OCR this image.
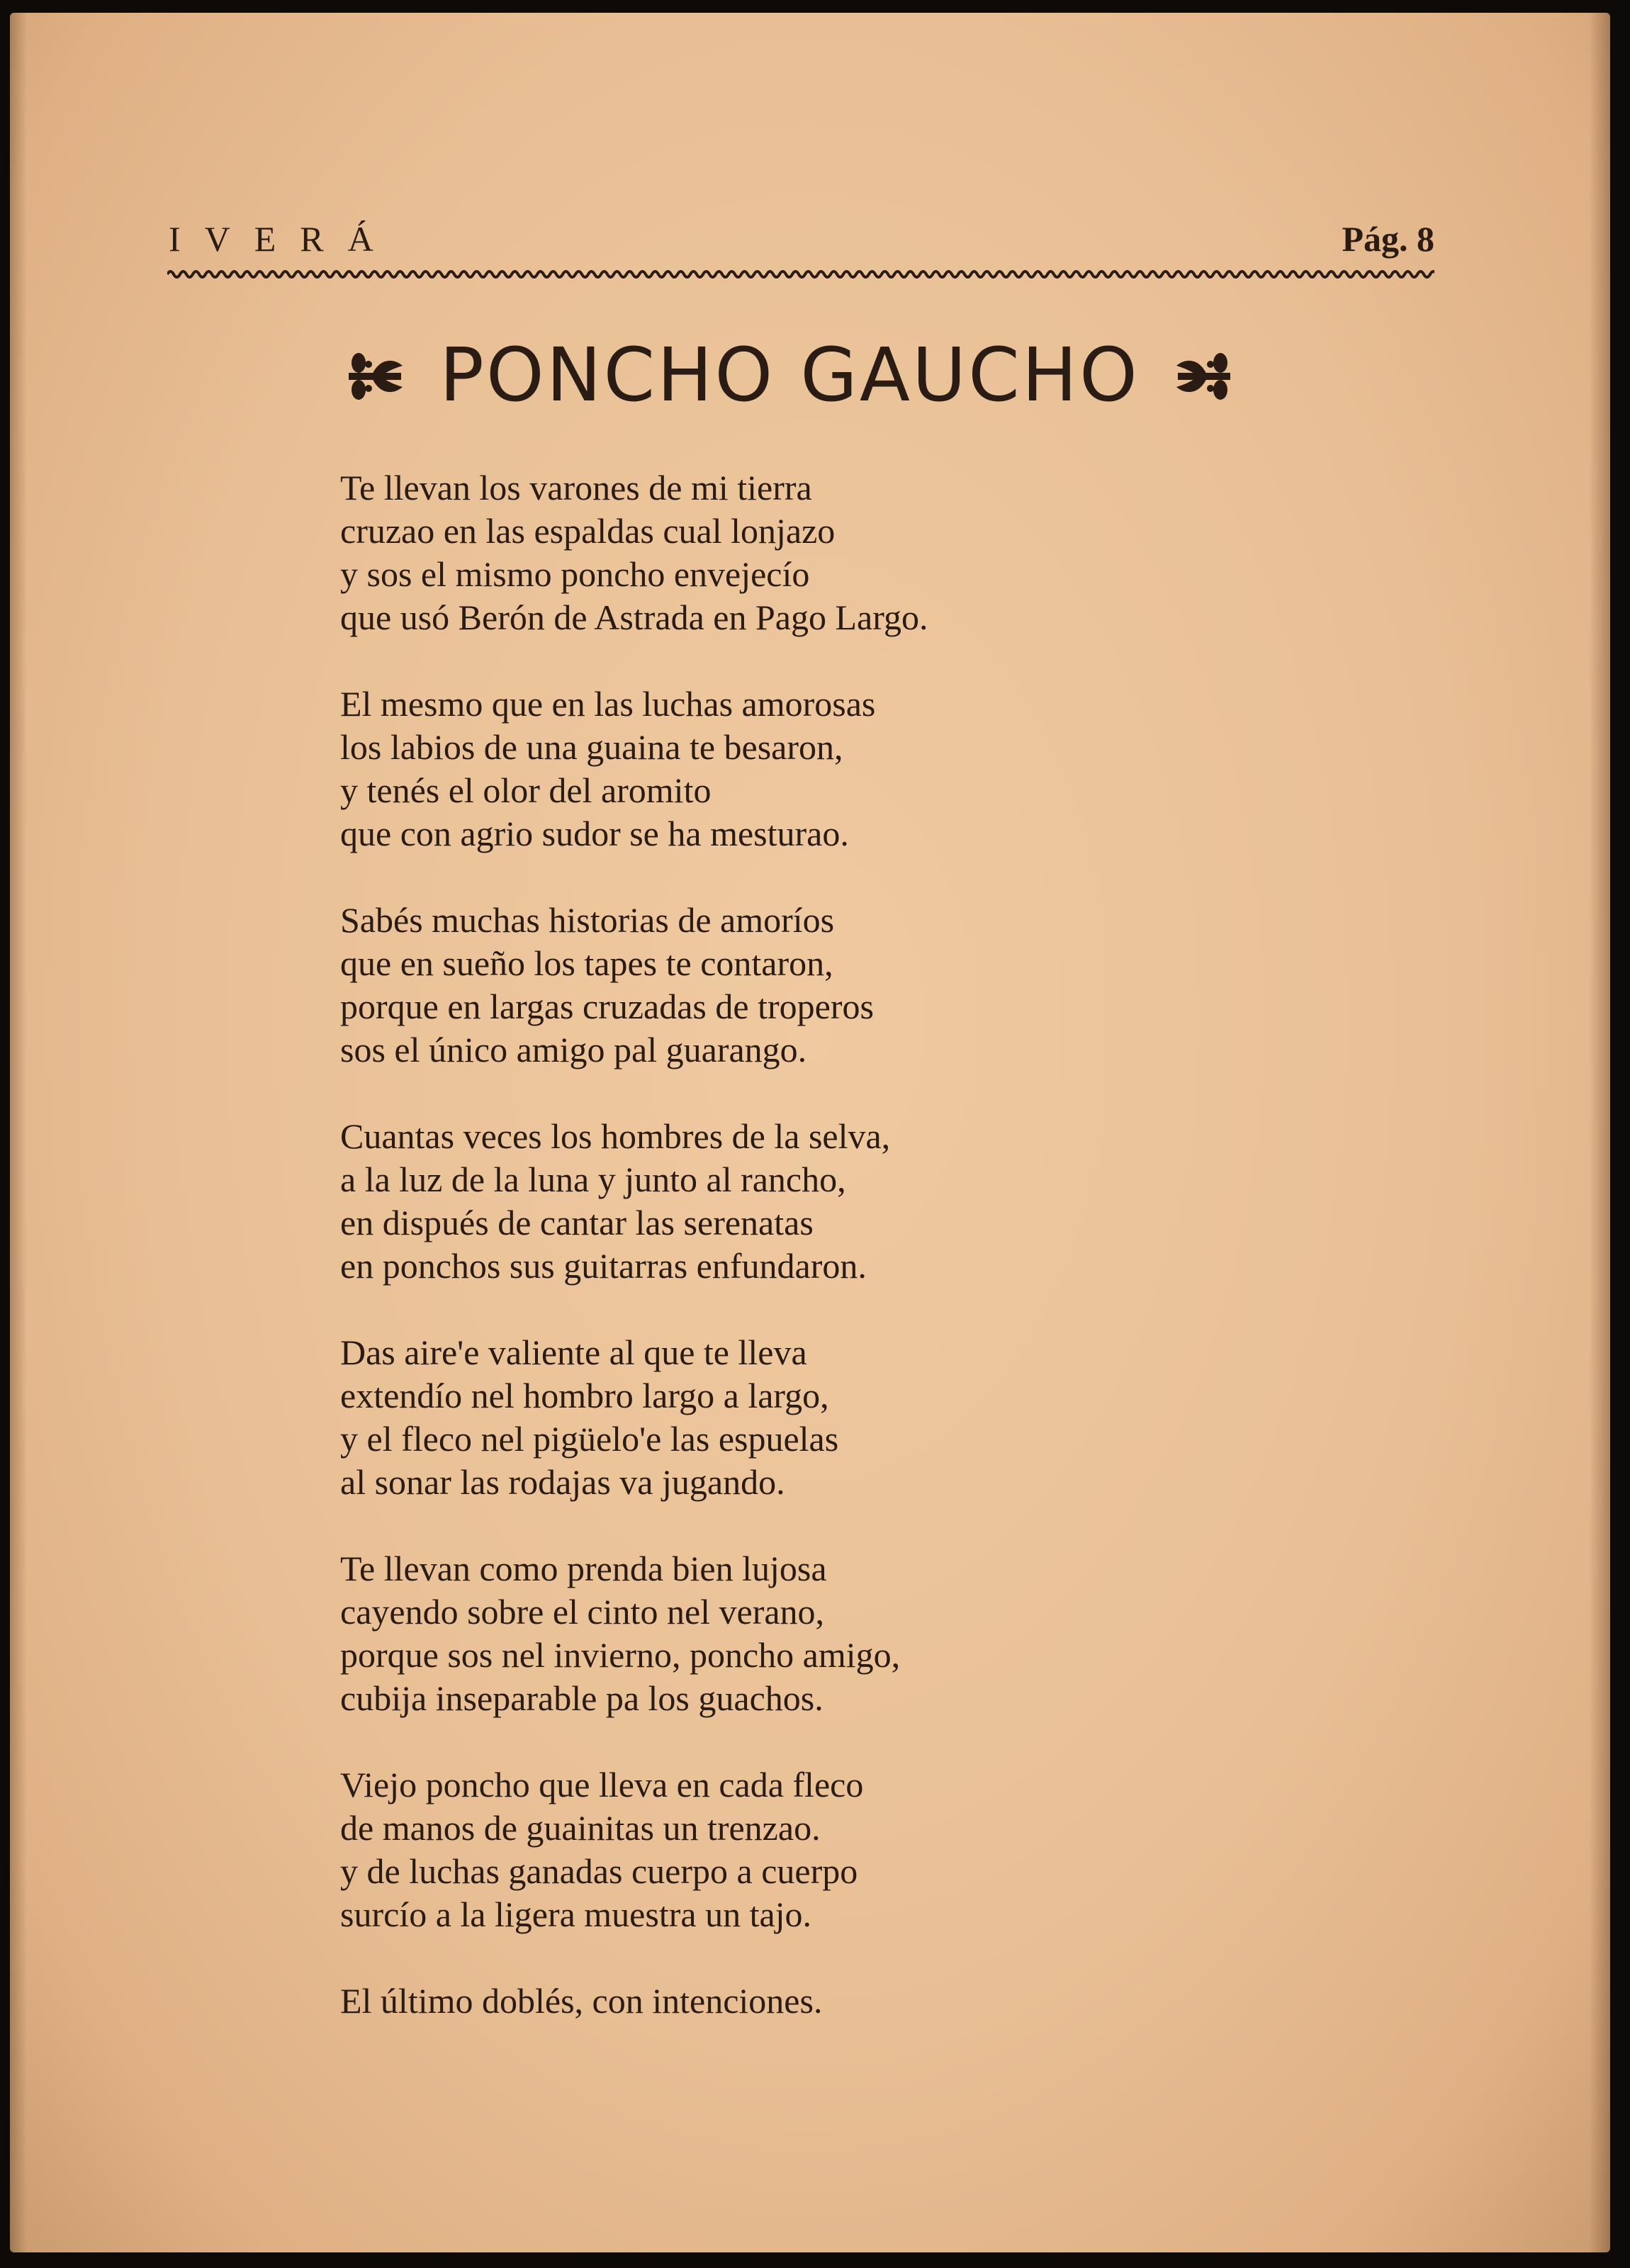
IVERÁ	Pág. 8
PONCHO GAUCHO
Te llevan los varones de mi tierra
cruzao en las espaldas cual lonjazo
y sos el mismo poncho envejecío
que usó Berón de Astrada en Pago Largo.
El mesmo que en las luchas amorosas
los labios de una guaina te besaron,
y tenés el olor del aromito
que con agrio sudor se ha mesturao.
Sabés muchas historias de amoríos
que en sueño los tapes te contaron,
porque en largas cruzadas de troperos
sos el único amigo pal guarango.
Cuantas veces los hombres de la selva,
a la luz de la luna y junto al rancho,
en dispués de cantar las serenatas
en ponchos sus guitarras enfundaron.
Das aire'e valiente al que te lleva
extendío nel hombro largo a largo,
y el fleco nel pigüelo'e las espuelas
al sonar las rodajas va jugando.
Te llevan como prenda bien lujosa
cayendo sobre el cinto nel verano,
porque sos nel invierno, poncho amigo,
cubija inseparable pa los guachos.
Viejo poncho que lleva en cada fleco
de manos de guainitas un trenzao.
y de luchas ganadas cuerpo a cuerpo
surcío a la ligera muestra un tajo.
El último doblés, con intenciones.
